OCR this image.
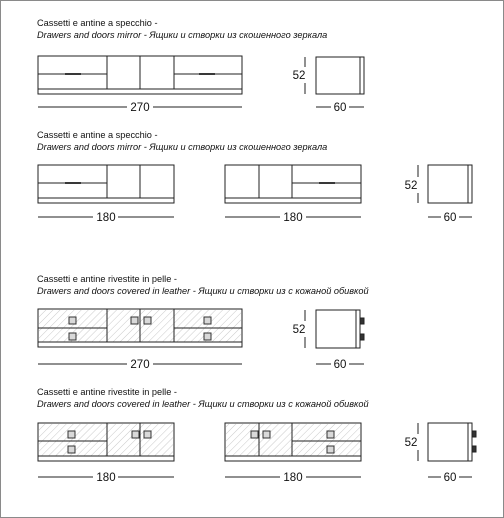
Cassetti e antine a specchio -
Drawers and doors mirror - Ящики и створки из скошенного зеркала
Cassetti e antine a specchio -
Drawers and doors mirror - Ящики и створки из скошенного зеркала
Cassetti e antine rivestite in pelle -
Drawers and doors covered in leather - Ящики и створки из с кожаной обивкой
Cassetti e antine rivestite in pelle -
Drawers and doors covered in leather - Ящики и створки из с кожаной обивкой
270
52
60
180	180
52
60
270
52
60
180	180
52
60
